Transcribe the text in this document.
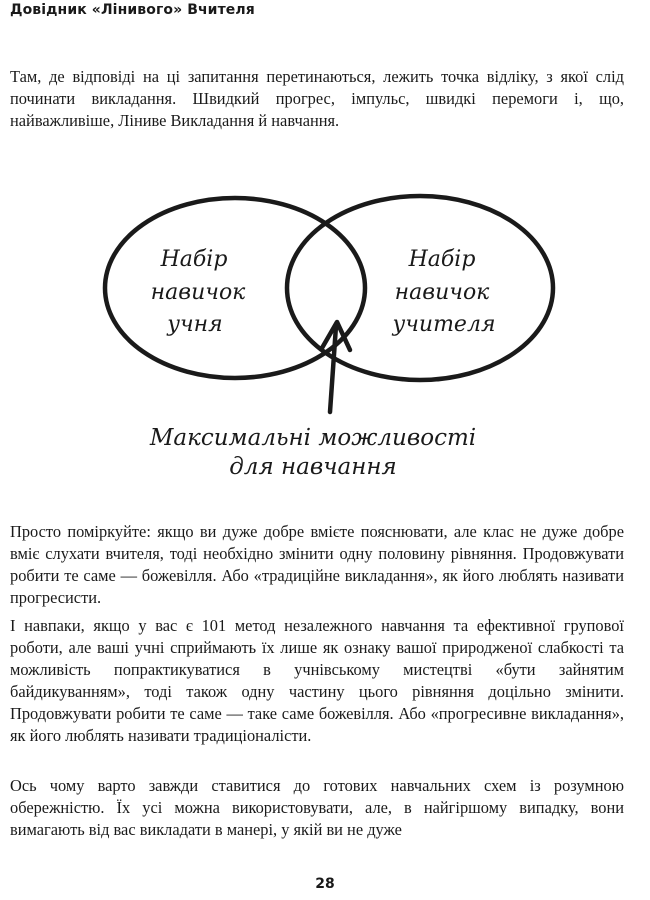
Довідник «Лінивого» Вчителя

Там, де відповіді на ці запитання перетинаються, лежить точка відліку, з якої слід починати викладання. Швидкий прогрес, імпульс, швидкі перемоги і, що, найважливіше, Ліниве Викладання й навчання.

Набір
навичок
учня
Набір
навичок
учителя
Максимальні можливості
для навчання

Просто поміркуйте: якщо ви дуже добре вмієте пояснювати, але клас не дуже добре вміє слухати вчителя, тоді необхідно змінити одну половину рівняння. Продовжувати робити те саме — божевілля. Або «традиційне викладання», як його люблять називати прогресисти.

І навпаки, якщо у вас є 101 метод незалежного навчання та ефективної групової роботи, але ваші учні сприймають їх лише як ознаку вашої природженої слабкості та можливість попрактикуватися в учнівському мистецтві «бути зайнятим байдикуванням», тоді також одну частину цього рівняння доцільно змінити. Продовжувати робити те саме — таке саме божевілля. Або «прогресивне викладання», як його люблять називати традиціоналісти.

Ось чому варто завжди ставитися до готових навчальних схем із розумною обережністю. Їх усі можна використовувати, але, в найгіршому випадку, вони вимагають від вас викладати в манері, у якій ви не дуже

28
